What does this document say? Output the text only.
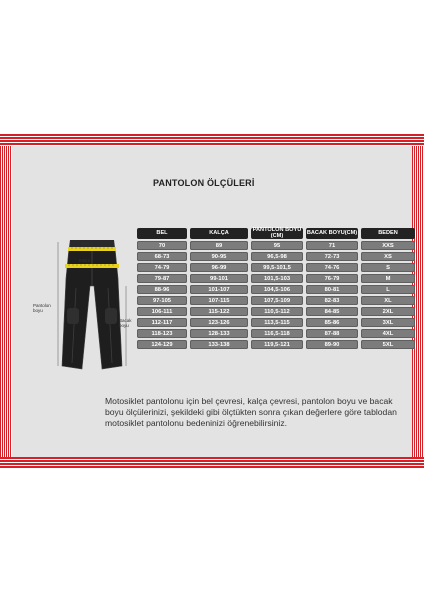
PANTOLON ÖLÇÜLERİ
Bel
Kalça
Pantolon boyu
Bacak boyu
BEL	KALÇA	PANTOLON BOYU (CM)	BACAK BOYU(CM)	BEDEN
70	89	95	71	XXS
68-73	90-95	96,5-98	72-73	XS
74-79	96-99	99,5-101,5	74-76	S
79-87	99-101	101,5-103	76-79	M
88-96	101-107	104,5-106	80-81	L
97-105	107-115	107,5-109	82-83	XL
106-111	115-122	110,5-112	84-85	2XL
112-117	123-126	113,5-115	85-86	3XL
118-123	128-133	116,5-118	87-88	4XL
124-129	133-138	119,5-121	89-90	5XL
Motosiklet pantolonu için bel çevresi, kalça çevresi, pantolon boyu ve bacak boyu ölçülerinizi, şekildeki gibi ölçtükten sonra çıkan değerlere göre tablodan motosiklet pantolonu bedeninizi öğrenebilirsiniz.
